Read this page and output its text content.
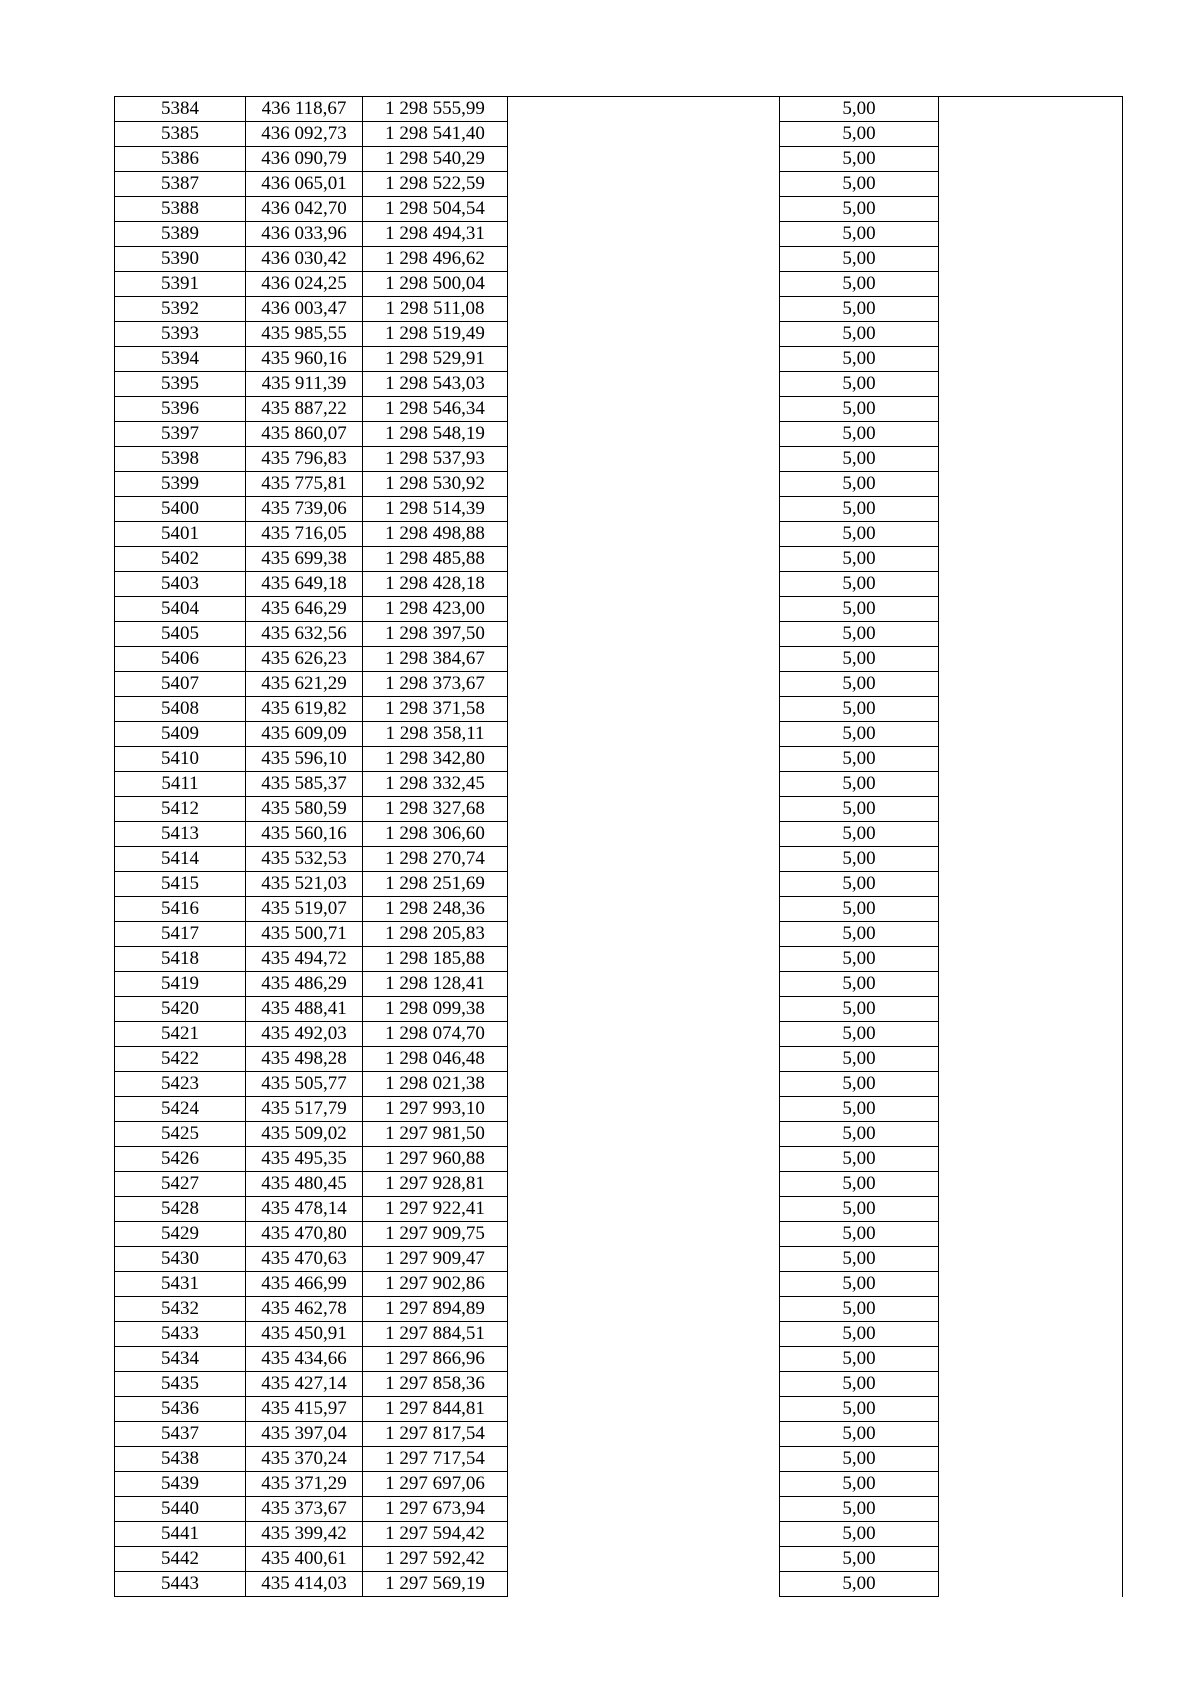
5384	436 118,67	1 298 555,99		5,00	
5385	436 092,73	1 298 541,40		5,00	
5386	436 090,79	1 298 540,29		5,00	
5387	436 065,01	1 298 522,59		5,00	
5388	436 042,70	1 298 504,54		5,00	
5389	436 033,96	1 298 494,31		5,00	
5390	436 030,42	1 298 496,62		5,00	
5391	436 024,25	1 298 500,04		5,00	
5392	436 003,47	1 298 511,08		5,00	
5393	435 985,55	1 298 519,49		5,00	
5394	435 960,16	1 298 529,91		5,00	
5395	435 911,39	1 298 543,03		5,00	
5396	435 887,22	1 298 546,34		5,00	
5397	435 860,07	1 298 548,19		5,00	
5398	435 796,83	1 298 537,93		5,00	
5399	435 775,81	1 298 530,92		5,00	
5400	435 739,06	1 298 514,39		5,00	
5401	435 716,05	1 298 498,88		5,00	
5402	435 699,38	1 298 485,88		5,00	
5403	435 649,18	1 298 428,18		5,00	
5404	435 646,29	1 298 423,00		5,00	
5405	435 632,56	1 298 397,50		5,00	
5406	435 626,23	1 298 384,67		5,00	
5407	435 621,29	1 298 373,67		5,00	
5408	435 619,82	1 298 371,58		5,00	
5409	435 609,09	1 298 358,11		5,00	
5410	435 596,10	1 298 342,80		5,00	
5411	435 585,37	1 298 332,45		5,00	
5412	435 580,59	1 298 327,68		5,00	
5413	435 560,16	1 298 306,60		5,00	
5414	435 532,53	1 298 270,74		5,00	
5415	435 521,03	1 298 251,69		5,00	
5416	435 519,07	1 298 248,36		5,00	
5417	435 500,71	1 298 205,83		5,00	
5418	435 494,72	1 298 185,88		5,00	
5419	435 486,29	1 298 128,41		5,00	
5420	435 488,41	1 298 099,38		5,00	
5421	435 492,03	1 298 074,70		5,00	
5422	435 498,28	1 298 046,48		5,00	
5423	435 505,77	1 298 021,38		5,00	
5424	435 517,79	1 297 993,10		5,00	
5425	435 509,02	1 297 981,50		5,00	
5426	435 495,35	1 297 960,88		5,00	
5427	435 480,45	1 297 928,81		5,00	
5428	435 478,14	1 297 922,41		5,00	
5429	435 470,80	1 297 909,75		5,00	
5430	435 470,63	1 297 909,47		5,00	
5431	435 466,99	1 297 902,86		5,00	
5432	435 462,78	1 297 894,89		5,00	
5433	435 450,91	1 297 884,51		5,00	
5434	435 434,66	1 297 866,96		5,00	
5435	435 427,14	1 297 858,36		5,00	
5436	435 415,97	1 297 844,81		5,00	
5437	435 397,04	1 297 817,54		5,00	
5438	435 370,24	1 297 717,54		5,00	
5439	435 371,29	1 297 697,06		5,00	
5440	435 373,67	1 297 673,94		5,00	
5441	435 399,42	1 297 594,42		5,00	
5442	435 400,61	1 297 592,42		5,00	
5443	435 414,03	1 297 569,19		5,00	
